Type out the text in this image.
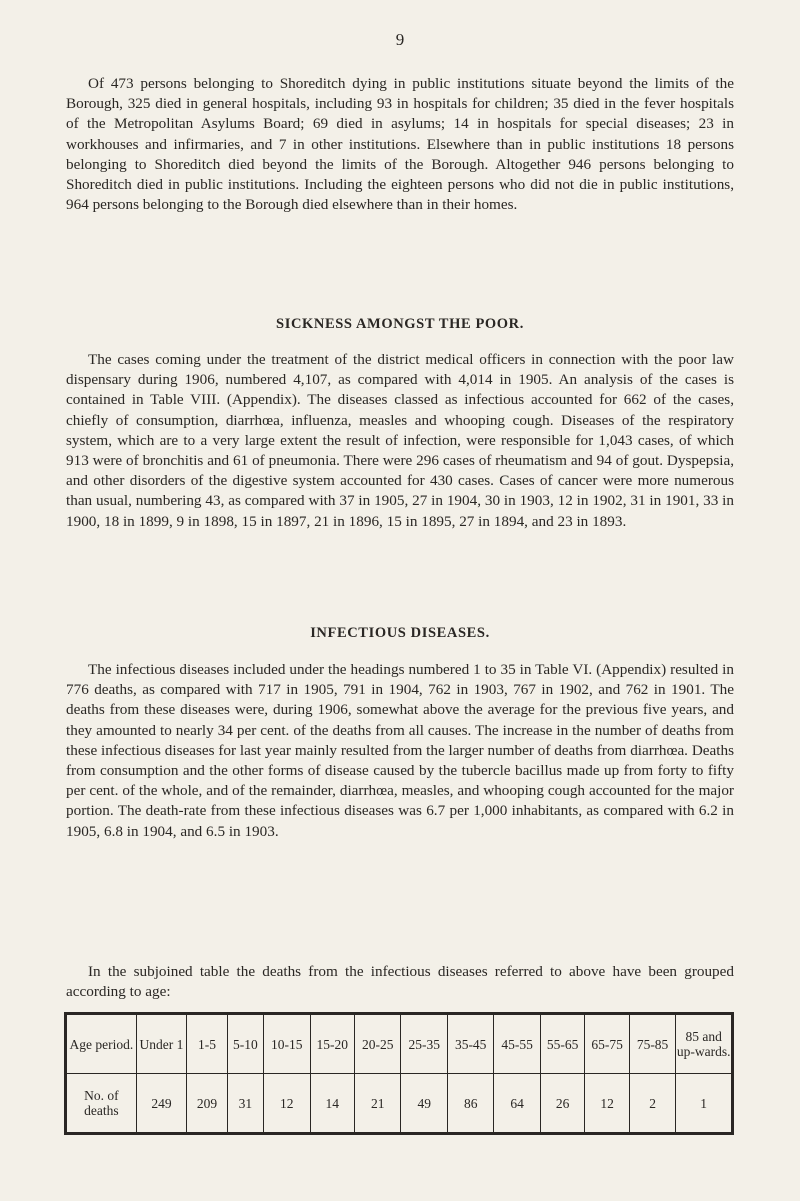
9

Of 473 persons belonging to Shoreditch dying in public institutions situate beyond the limits of the Borough, 325 died in general hospitals, including 93 in hospitals for children; 35 died in the fever hospitals of the Metropolitan Asylums Board; 69 died in asylums; 14 in hospitals for special diseases; 23 in workhouses and infirmaries, and 7 in other institutions. Elsewhere than in public institutions 18 persons belonging to Shoreditch died beyond the limits of the Borough. Altogether 946 persons belonging to Shoreditch died in public institutions. Including the eighteen persons who did not die in public institutions, 964 persons belonging to the Borough died elsewhere than in their homes.

SICKNESS AMONGST THE POOR.

The cases coming under the treatment of the district medical officers in connection with the poor law dispensary during 1906, numbered 4,107, as compared with 4,014 in 1905. An analysis of the cases is contained in Table VIII. (Appendix). The diseases classed as infectious accounted for 662 of the cases, chiefly of consumption, diarrhœa, influenza, measles and whooping cough. Diseases of the respiratory system, which are to a very large extent the result of infection, were responsible for 1,043 cases, of which 913 were of bronchitis and 61 of pneumonia. There were 296 cases of rheumatism and 94 of gout. Dyspepsia, and other disorders of the digestive system accounted for 430 cases. Cases of cancer were more numerous than usual, numbering 43, as compared with 37 in 1905, 27 in 1904, 30 in 1903, 12 in 1902, 31 in 1901, 33 in 1900, 18 in 1899, 9 in 1898, 15 in 1897, 21 in 1896, 15 in 1895, 27 in 1894, and 23 in 1893.

INFECTIOUS DISEASES.

The infectious diseases included under the headings numbered 1 to 35 in Table VI. (Appendix) resulted in 776 deaths, as compared with 717 in 1905, 791 in 1904, 762 in 1903, 767 in 1902, and 762 in 1901. The deaths from these diseases were, during 1906, somewhat above the average for the previous five years, and they amounted to nearly 34 per cent. of the deaths from all causes. The increase in the number of deaths from these infectious diseases for last year mainly resulted from the larger number of deaths from diarrhœa. Deaths from consumption and the other forms of disease caused by the tubercle bacillus made up from forty to fifty per cent. of the whole, and of the remainder, diarrhœa, measles, and whooping cough accounted for the major portion. The death-rate from these infectious diseases was 6.7 per 1,000 inhabitants, as compared with 6.2 in 1905, 6.8 in 1904, and 6.5 in 1903.

In the subjoined table the deaths from the infectious diseases referred to above have been grouped according to age:

Age period.	Under 1	1-5	5-10	10-15	15-20	20-25	25-35	35-45	45-55	55-65	65-75	75-85	85 and up-wards.
No. of deaths	249	209	31	12	14	21	49	86	64	26	12	2	1
